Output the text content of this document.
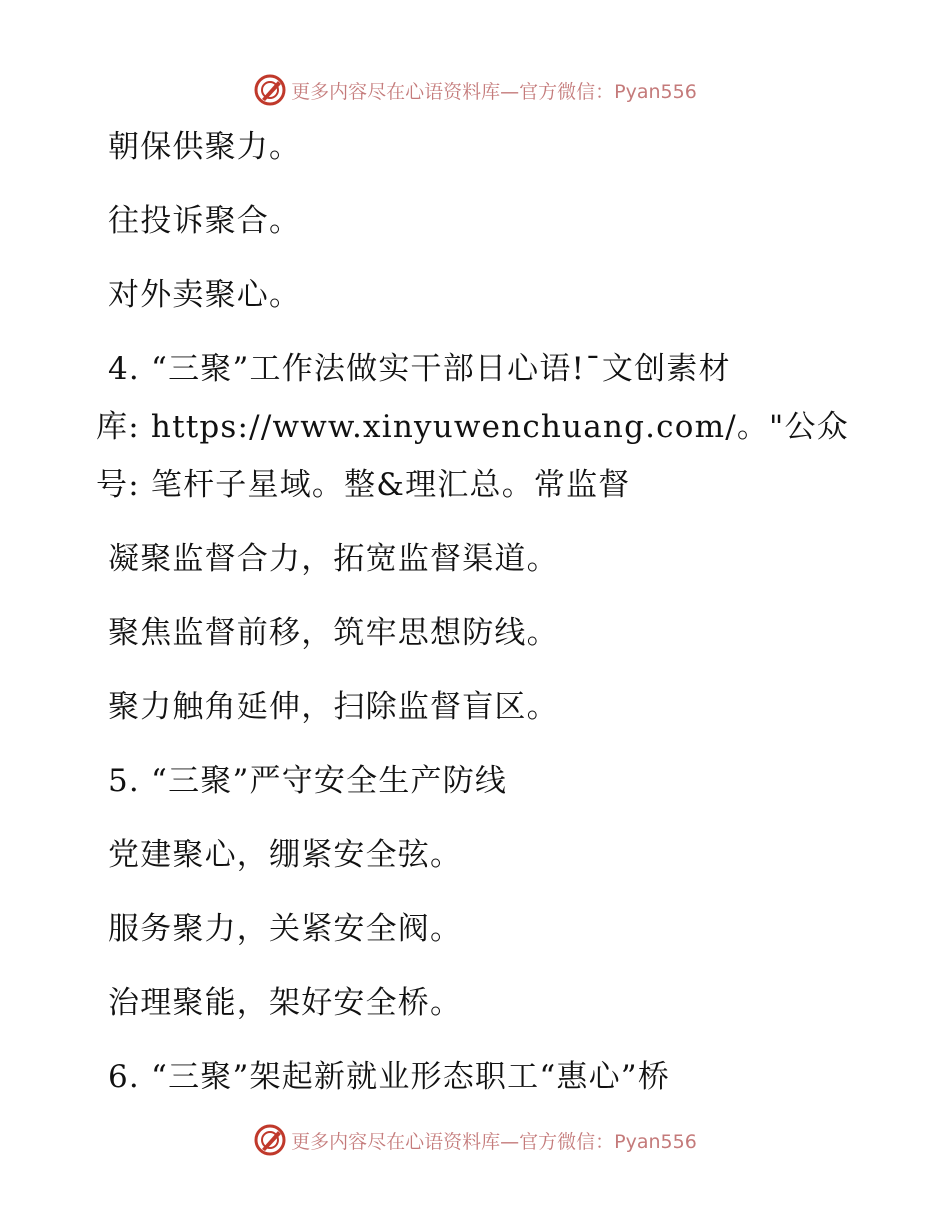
更多内容尽在心语资料库—官方微信：Pyan556
朝保供聚力。
往投诉聚合。
对外卖聚心。
4. “三聚”工作法做实干部日心语!¯文创素材
库: https://www.xinyuwenchuang.com/。"公众
号: 笔杆子星域。整&理汇总。常监督
凝聚监督合力，拓宽监督渠道。
聚焦监督前移，筑牢思想防线。
聚力触角延伸，扫除监督盲区。
5. “三聚”严守安全生产防线
党建聚心，绷紧安全弦。
服务聚力，关紧安全阀。
治理聚能，架好安全桥。
6. “三聚”架起新就业形态职工“惠心”桥
更多内容尽在心语资料库—官方微信：Pyan556
